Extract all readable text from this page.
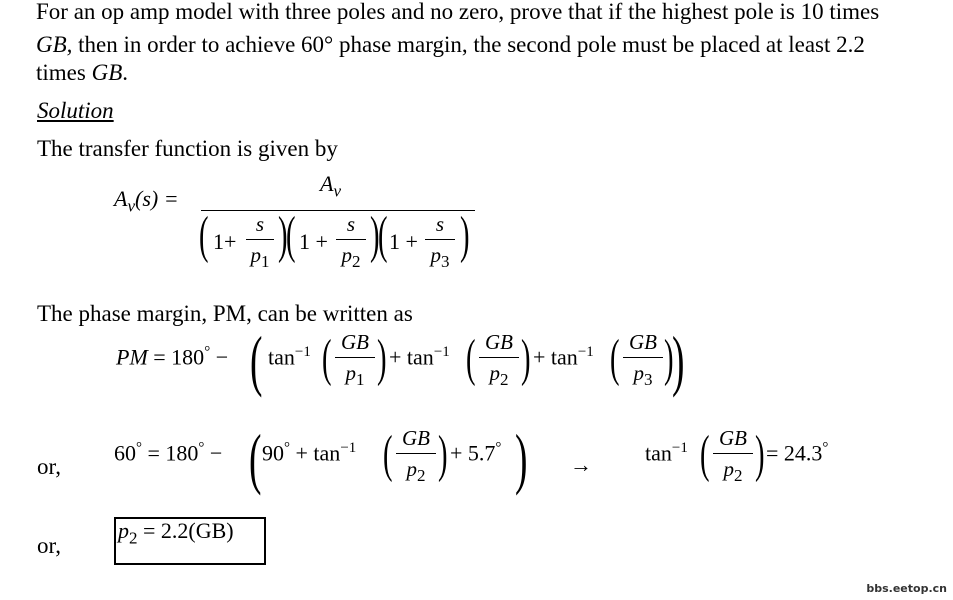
For an op amp model with three poles and no zero, prove that if the highest pole is 10 times
GB, then in order to achieve 60° phase margin, the second pole must be placed at least 2.2
times GB.
Solution
The transfer function is given by
$A_v(s)$ =
$A_v$
( 1+
s
$p_1$ )
( 1 +
s
$p_2$ )
( 1 +
s
$p_3$ )
The phase margin, PM, can be written as
PM = 180° − ( $\tan^{-1}$ ( GB
$p_1$ ) + $\tan^{-1}$ ( GB
$p_2$ ) + $\tan^{-1}$ ( GB
$p_3$ )
)
or,
60° = 180° − ( $90^\circ + \tan^{-1}$ ( GB
$p_2$ ) + 5.7° ) → $\tan^{-1}$ ( GB
$p_2$ ) = 24.3°
or,
$p_2 = 2.2(GB)$
bbs.eetop.cn
